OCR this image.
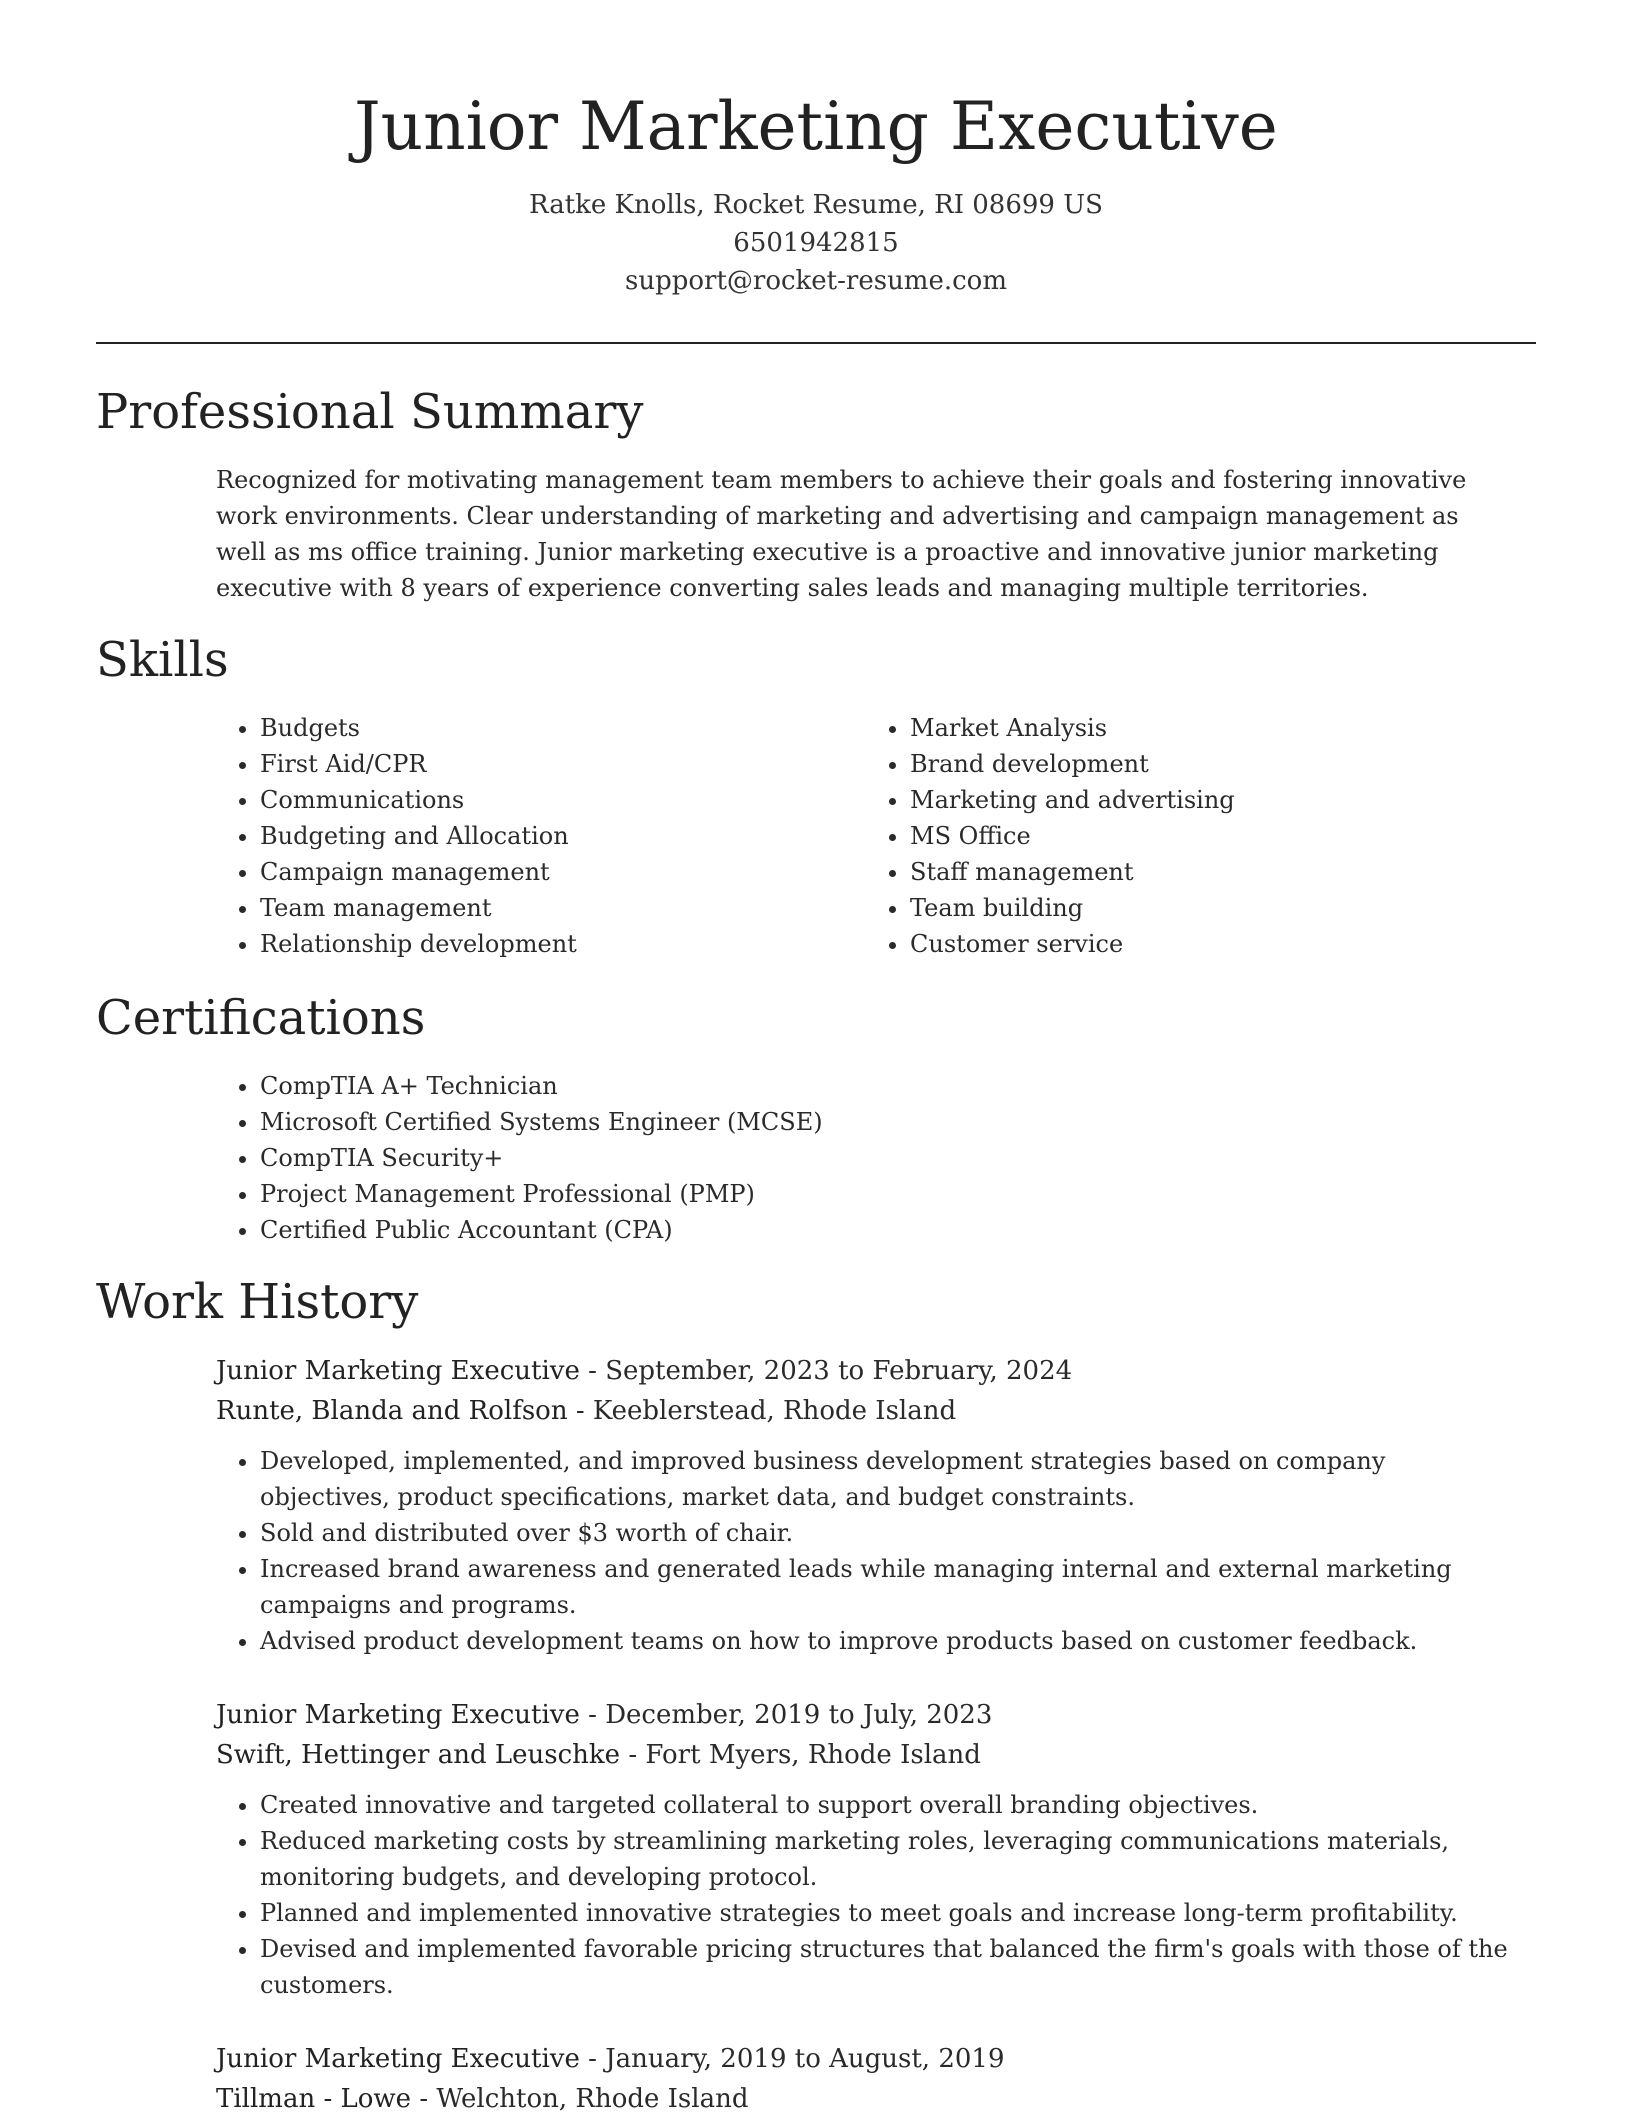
Junior Marketing Executive
Ratke Knolls, Rocket Resume, RI 08699 US
6501942815
support@rocket-resume.com
Professional Summary

Recognized for motivating management team members to achieve their goals and fostering innovative work environments. Clear understanding of marketing and advertising and campaign management as well as ms office training. Junior marketing executive is a proactive and innovative junior marketing executive with 8 years of experience converting sales leads and managing multiple territories.

Skills
• Budgets
• First Aid/CPR
• Communications
• Budgeting and Allocation
• Campaign management
• Team management
• Relationship development
• Market Analysis
• Brand development
• Marketing and advertising
• MS Office
• Staff management
• Team building
• Customer service
Certifications
• CompTIA A+ Technician
• Microsoft Certified Systems Engineer (MCSE)
• CompTIA Security+
• Project Management Professional (PMP)
• Certified Public Accountant (CPA)
Work History

Junior Marketing Executive - September, 2023 to February, 2024

Runte, Blanda and Rolfson - Keeblerstead, Rhode Island

• Developed, implemented, and improved business development strategies based on company objectives, product specifications, market data, and budget constraints.
• Sold and distributed over $3 worth of chair.
• Increased brand awareness and generated leads while managing internal and external marketing campaigns and programs.
• Advised product development teams on how to improve products based on customer feedback.

Junior Marketing Executive - December, 2019 to July, 2023

Swift, Hettinger and Leuschke - Fort Myers, Rhode Island

• Created innovative and targeted collateral to support overall branding objectives.
• Reduced marketing costs by streamlining marketing roles, leveraging communications materials, monitoring budgets, and developing protocol.
• Planned and implemented innovative strategies to meet goals and increase long-term profitability.
• Devised and implemented favorable pricing structures that balanced the firm's goals with those of the customers.

Junior Marketing Executive - January, 2019 to August, 2019

Tillman - Lowe - Welchton, Rhode Island
